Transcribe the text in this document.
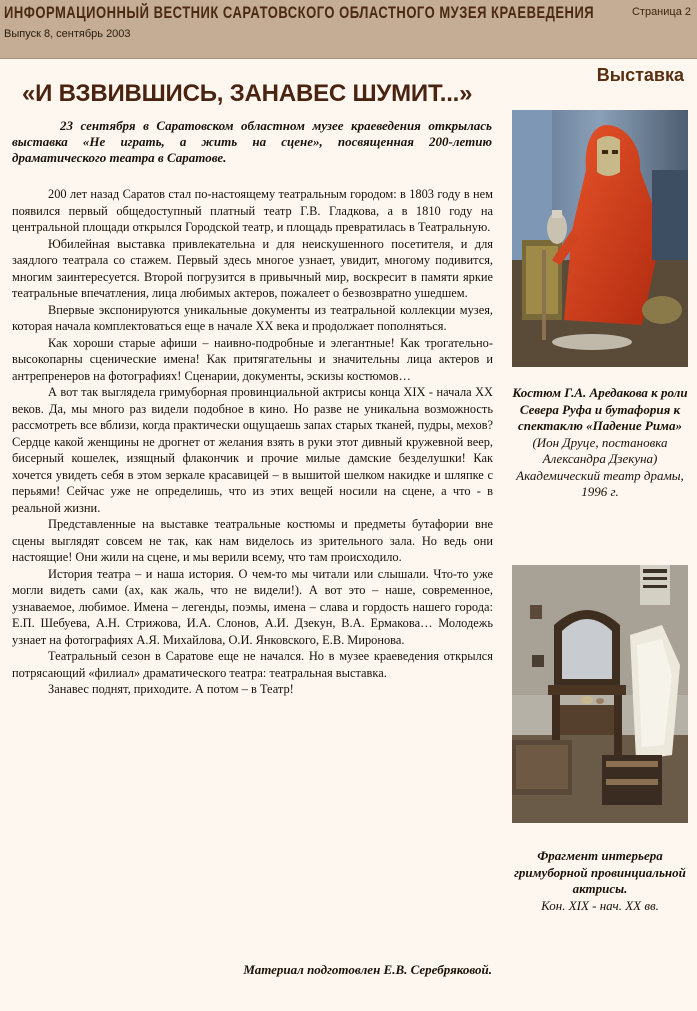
ИНФОРМАЦИОННЫЙ ВЕСТНИК САРАТОВСКОГО ОБЛАСТНОГО МУЗЕЯ КРАЕВЕДЕНИЯ

Выпуск 8, сентябрь 2003

Страница 2

Выставка

«И ВЗВИВШИСЬ, ЗАНАВЕС ШУМИТ...»

23 сентября в Саратовском областном музее краеведения открылась выставка «Не играть, а жить на сцене», посвященная 200-летию драматического театра в Саратове.

200 лет назад Саратов стал по-настоящему театральным городом: в 1803 году в нем появился первый общедоступный платный театр Г.В. Гладкова, а в 1810 году на центральной площади открылся Городской театр, и площадь превратилась в Театральную.

Юбилейная выставка привлекательна и для неискушенного посетителя, и для заядлого театрала со стажем. Первый здесь многое узнает, увидит, многому подивится, многим заинтересуется. Второй погрузится в привычный мир, воскресит в памяти яркие театральные впечатления, лица любимых актеров, пожалеет о безвозвратно ушедшем.

Впервые экспонируются уникальные документы из театральной коллекции музея, которая начала комплектоваться еще в начале XX века и продолжает пополняться.

Как хороши старые афиши – наивно-подробные и элегантные! Как трогательно-высокопарны сценические имена! Как притягательны и значительны лица актеров и антрепренеров на фотографиях! Сценарии, документы, эскизы костюмов…

А вот так выглядела гримуборная провинциальной актрисы конца XIX - начала XX веков. Да, мы много раз видели подобное в кино. Но разве не уникальна возможность рассмотреть все вблизи, когда практически ощущаешь запах старых тканей, пудры, мехов? Сердце какой женщины не дрогнет от желания взять в руки этот дивный кружевной веер, бисерный кошелек, изящный флакончик и прочие милые дамские безделушки! Как хочется увидеть себя в этом зеркале красавицей – в вышитой шелком накидке и шляпке с перьями! Сейчас уже не определишь, что из этих вещей носили на сцене, а что - в реальной жизни.

Представленные на выставке театральные костюмы и предметы бутафории вне сцены выглядят совсем не так, как нам виделось из зрительного зала. Но ведь они настоящие! Они жили на сцене, и мы верили всему, что там происходило.

История театра – и наша история. О чем-то мы читали или слышали. Что-то уже могли видеть сами (ах, как жаль, что не видели!). А вот это – наше, современное, узнаваемое, любимое. Имена – легенды, поэмы, имена – слава и гордость нашего города: Е.П. Шебуева, А.Н. Стрижова, И.А. Слонов, А.И. Дзекун, В.А. Ермакова… Молодежь узнает на фотографиях А.Я. Михайлова, О.И. Янковского, Е.В. Миронова.

Театральный сезон в Саратове еще не начался. Но в музее краеведения открылся потрясающий «филиал» драматического театра: театральная выставка.

Занавес поднят, приходите. А потом – в Театр!

Материал подготовлен Е.В. Серебряковой.

Костюм Г.А. Аредакова к роли Севера Руфа и бутафория к спектаклю «Падение Рима»
(Ион Друце, постановка Александра Дзекуна) Академический театр драмы, 1996 г.

Фрагмент интерьера гримуборной провинциальной актрисы.
Кон. XIX - нач. XX вв.
